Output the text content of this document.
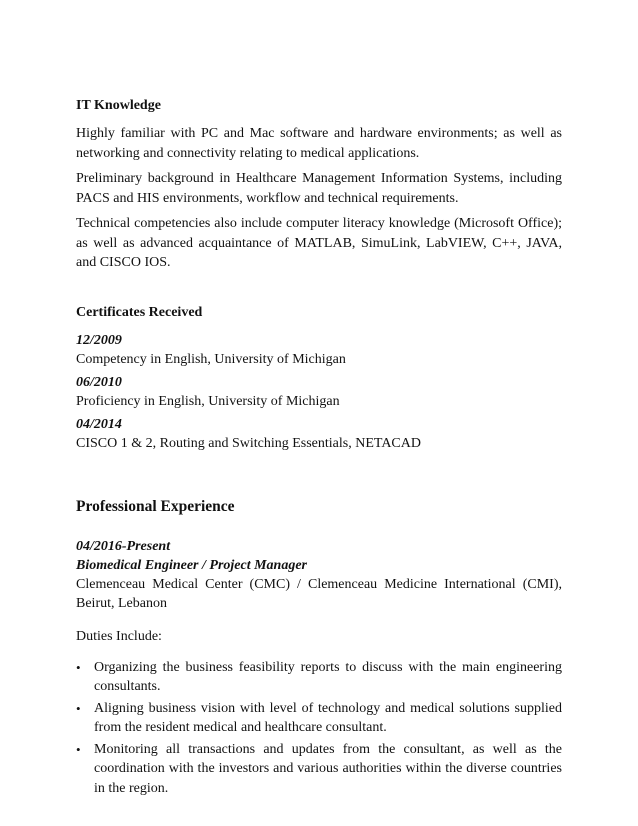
IT Knowledge

Highly familiar with PC and Mac software and hardware environments; as well as networking and connectivity relating to medical applications.

Preliminary background in Healthcare Management Information Systems, including PACS and HIS environments, workflow and technical requirements.

Technical competencies also include computer literacy knowledge (Microsoft Office); as well as advanced acquaintance of MATLAB, SimuLink, LabVIEW, C++, JAVA, and CISCO IOS.

Certificates Received
12/2009
Competency in English, University of Michigan
06/2010
Proficiency in English, University of Michigan
04/2014
CISCO 1 & 2, Routing and Switching Essentials, NETACAD
Professional Experience
04/2016-Present
Biomedical Engineer / Project Manager
Clemenceau Medical Center (CMC) / Clemenceau Medicine International (CMI), Beirut, Lebanon
Duties Include:
• Organizing the business feasibility reports to discuss with the main engineering consultants.
• Aligning business vision with level of technology and medical solutions supplied from the resident medical and healthcare consultant.
• Monitoring all transactions and updates from the consultant, as well as the coordination with the investors and various authorities within the diverse countries in the region.
